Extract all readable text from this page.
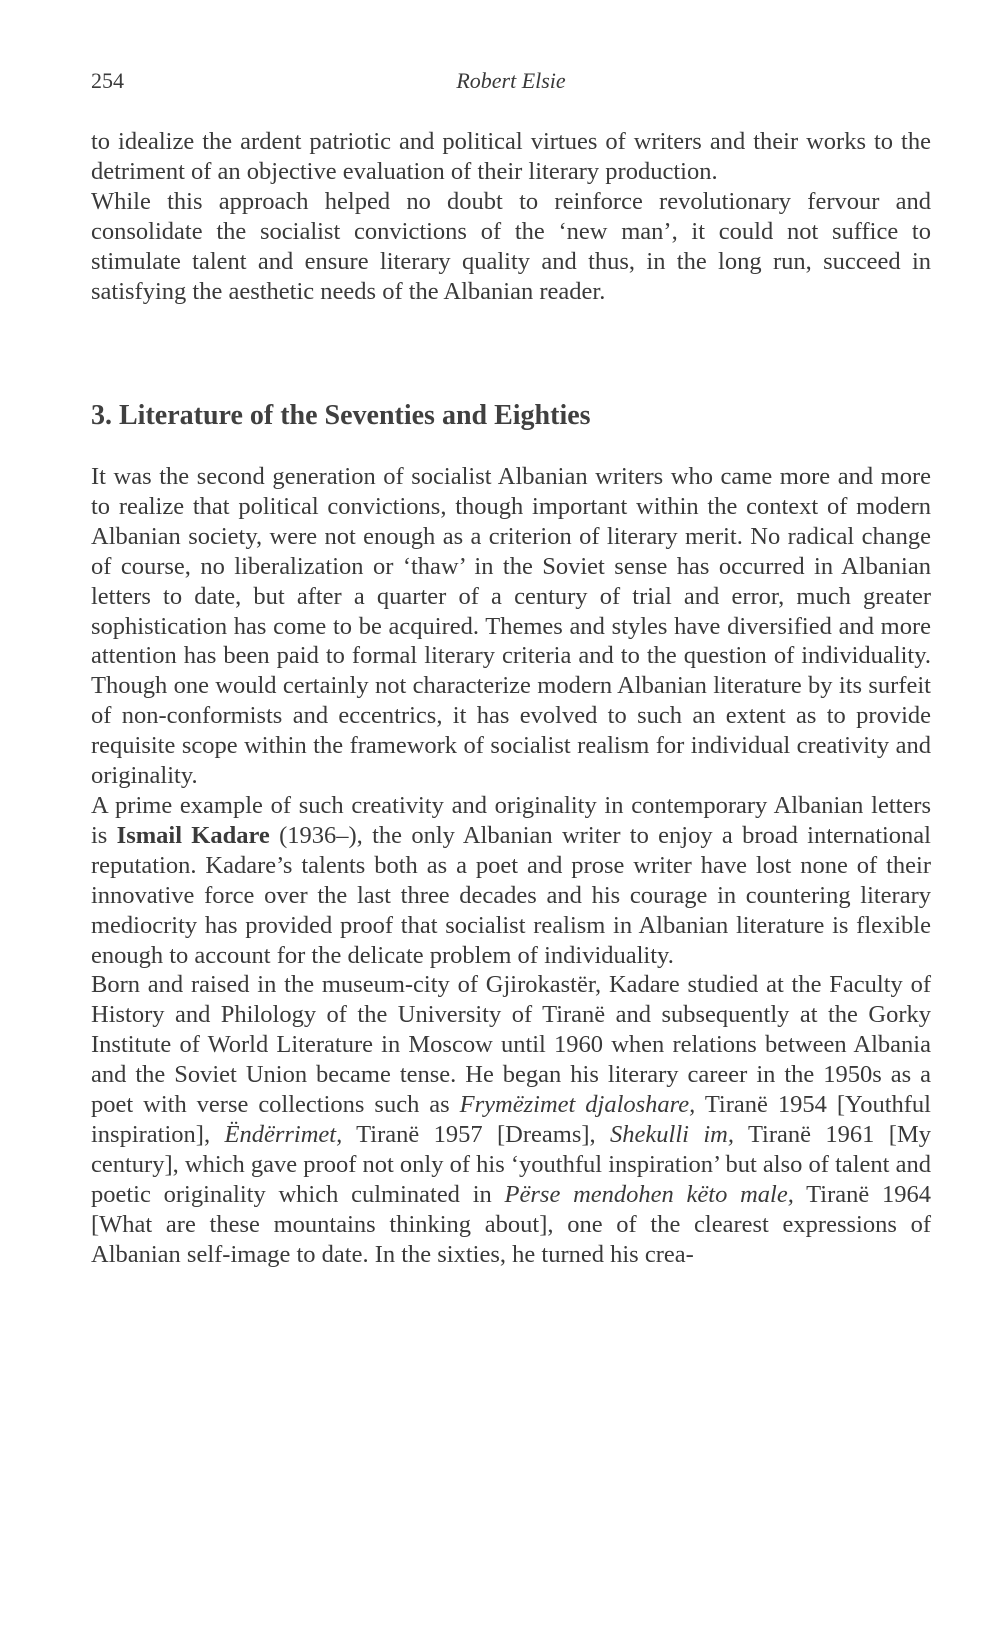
254	Robert Elsie

to idealize the ardent patriotic and political virtues of writers and their works to the detriment of an objective evaluation of their literary production.

While this approach helped no doubt to reinforce revolutionary fervour and consolidate the socialist convictions of the ‘new man’, it could not suffice to stimulate talent and ensure literary quality and thus, in the long run, succeed in satisfying the aesthetic needs of the Albanian reader.

3. Literature of the Seventies and Eighties

It was the second generation of socialist Albanian writers who came more and more to realize that political convictions, though important within the context of modern Albanian society, were not enough as a criterion of literary merit. No radical change of course, no liberalization or ‘thaw’ in the Soviet sense has occurred in Albanian letters to date, but after a quarter of a century of trial and error, much greater sophistication has come to be acquired. Themes and styles have diversified and more attention has been paid to formal literary criteria and to the question of individuality. Though one would certainly not characterize modern Albanian literature by its surfeit of non-conformists and eccentrics, it has evolved to such an extent as to provide requisite scope within the framework of socialist realism for individual creativity and originality.

A prime example of such creativity and originality in contemporary Albanian letters is Ismail Kadare (1936–), the only Albanian writer to enjoy a broad international reputation. Kadare’s talents both as a poet and prose writer have lost none of their innovative force over the last three decades and his courage in countering literary mediocrity has provided proof that socialist realism in Albanian literature is flexible enough to account for the delicate problem of individuality.

Born and raised in the museum-city of Gjirokastër, Kadare studied at the Faculty of History and Philology of the University of Tiranë and subsequently at the Gorky Institute of World Literature in Moscow until 1960 when relations between Albania and the Soviet Union became tense. He began his literary career in the 1950s as a poet with verse collections such as Frymëzimet djaloshare, Tiranë 1954 [Youthful inspiration], Ëndërrimet, Tiranë 1957 [Dreams], Shekulli im, Tiranë 1961 [My century], which gave proof not only of his ‘youthful inspiration’ but also of talent and poetic originality which culminated in Përse mendohen këto male, Tiranë 1964 [What are these mountains thinking about], one of the clearest expressions of Albanian self-image to date. In the sixties, he turned his crea-
